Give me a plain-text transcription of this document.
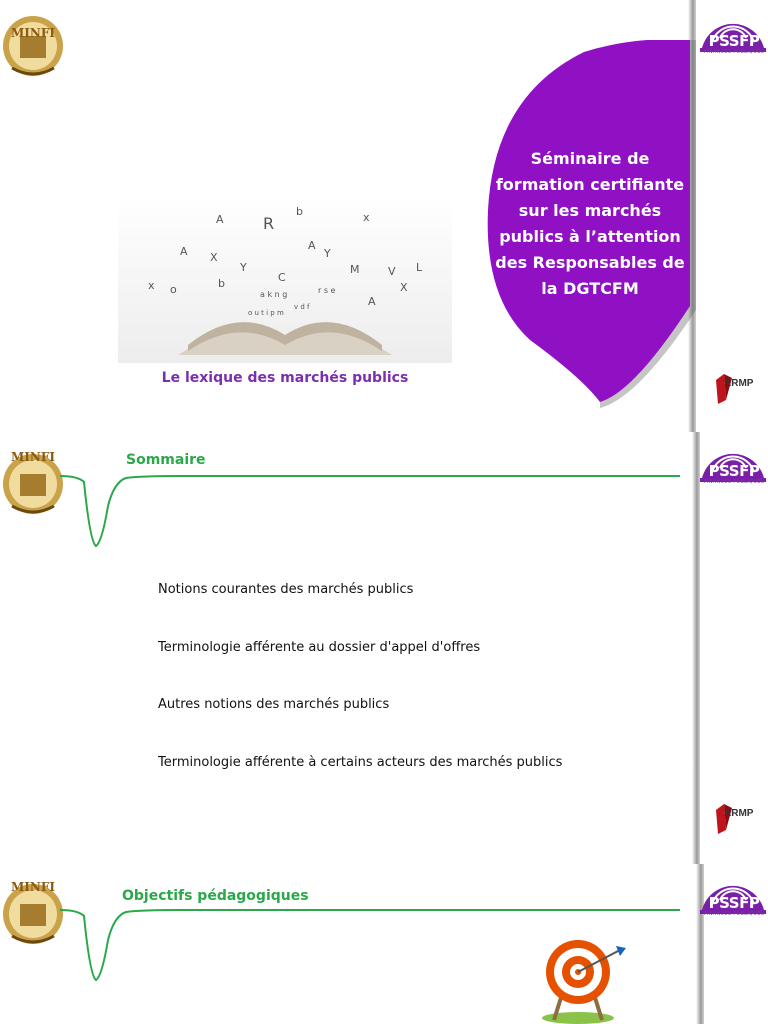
MINFI	PSSFP
FINANCES PUBLIQUES
A R
b	x
A X
Y
A
Y
x o
M	V L
A
X
b	C
a k n g	r s e
o u t i p m
v d f
Le lexique des marchés publics
Séminaire de
formation certifiante
sur les marchés
publics à l’attention
des Responsables de
la DGTCFM
ARMP
MINFI
PSSFP
FINANCES PUBLIQUES
Sommaire
Notions courantes des marchés publics
Terminologie afférente au dossier d'appel d'offres
Autres notions des marchés publics
Terminologie afférente à certains acteurs des marchés publics
ARMP
MINFI
PSSFP
FINANCES PUBLIQUES
Objectifs pédagogiques
